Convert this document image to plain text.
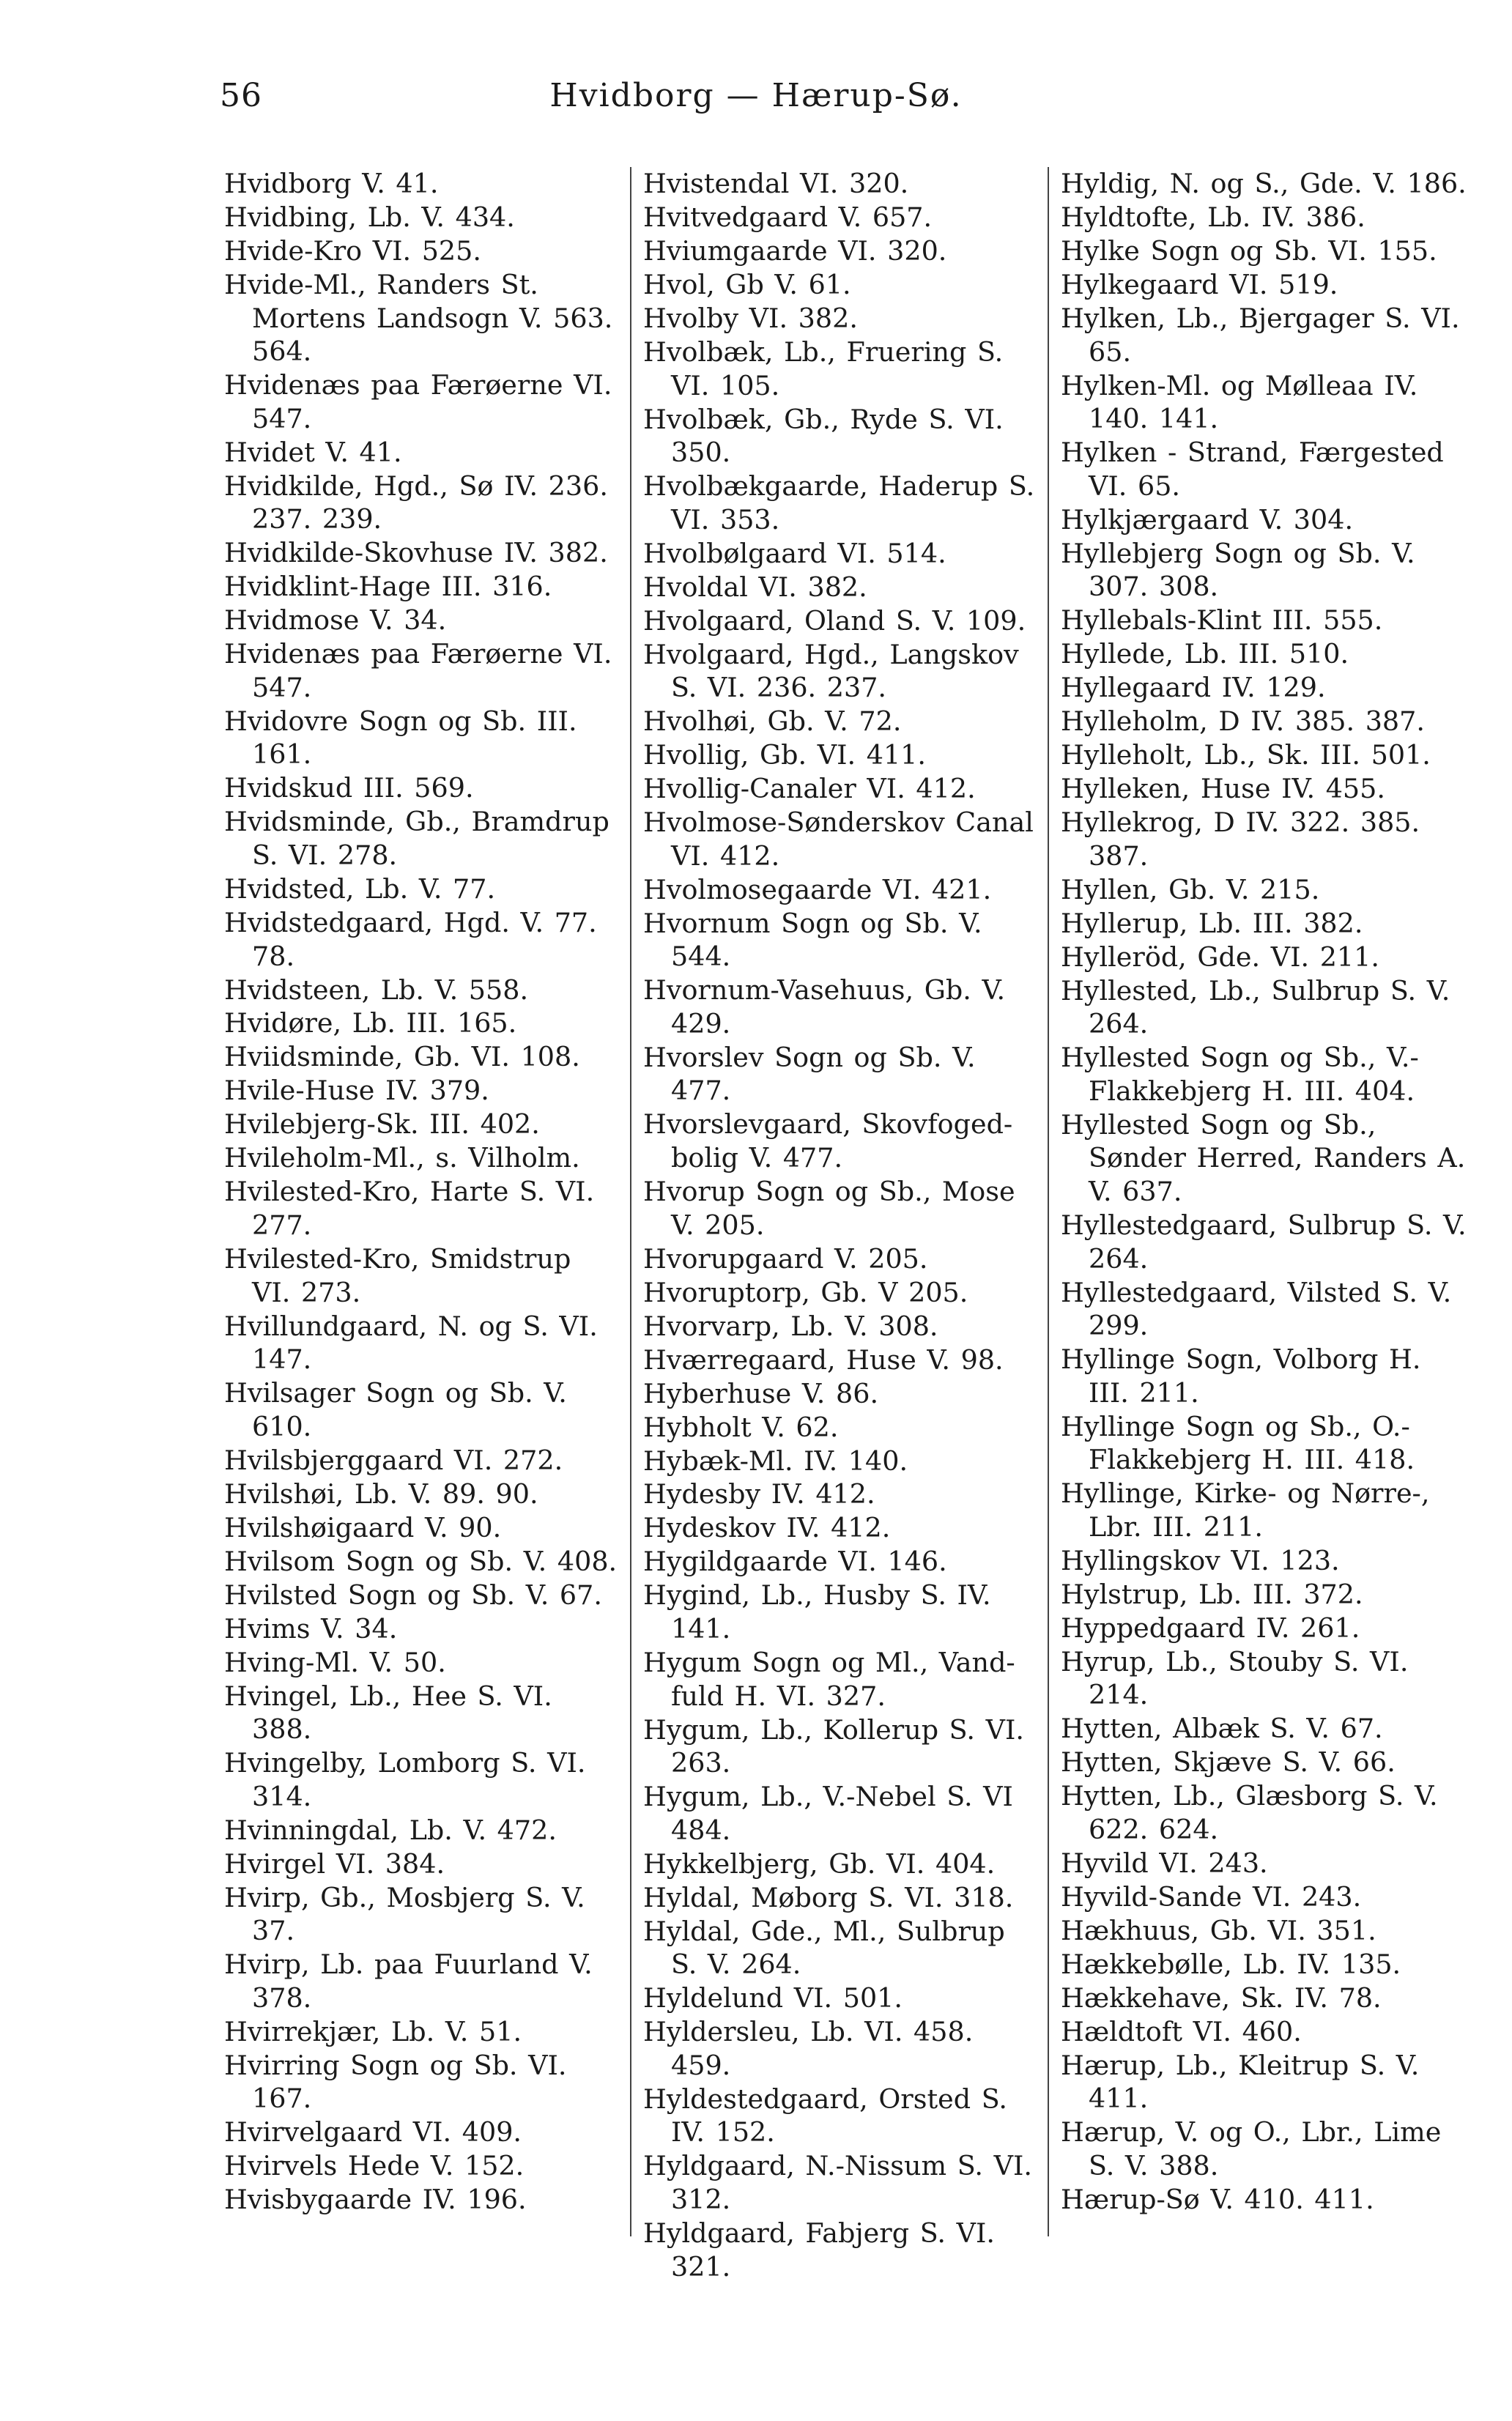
56	Hvidborg — Hærup-Sø.
Hvidborg V. 41.
Hvidbing, Lb. V. 434.
Hvide-Kro VI. 525.
Hvide-Ml., Randers St. Mortens Landsogn V. 563. 564.
Hvidenæs paa Færøerne VI. 547.
Hvidet V. 41.
Hvidkilde, Hgd., Sø IV. 236. 237. 239.
Hvidkilde-Skovhuse IV. 382.
Hvidklint-Hage III. 316.
Hvidmose V. 34.
Hvidenæs paa Færøerne VI. 547.
Hvidovre Sogn og Sb. III. 161.
Hvidskud III. 569.
Hvidsminde, Gb., Bramdrup S. VI. 278.
Hvidsted, Lb. V. 77.
Hvidstedgaard, Hgd. V. 77. 78.
Hvidsteen, Lb. V. 558.
Hvidøre, Lb. III. 165.
Hviidsminde, Gb. VI. 108.
Hvile-Huse IV. 379.
Hvilebjerg-Sk. III. 402.
Hvileholm-Ml., s. Vilholm.
Hvilested-Kro, Harte S. VI. 277.
Hvilested-Kro, Smidstrup VI. 273.
Hvillundgaard, N. og S. VI. 147.
Hvilsager Sogn og Sb. V. 610.
Hvilsbjerggaard VI. 272.
Hvilshøi, Lb. V. 89. 90.
Hvilshøigaard V. 90.
Hvilsom Sogn og Sb. V. 408.
Hvilsted Sogn og Sb. V. 67.
Hvims V. 34.
Hving-Ml. V. 50.
Hvingel, Lb., Hee S. VI. 388.
Hvingelby, Lomborg S. VI. 314.
Hvinningdal, Lb. V. 472.
Hvirgel VI. 384.
Hvirp, Gb., Mosbjerg S. V. 37.
Hvirp, Lb. paa Fuurland V. 378.
Hvirrekjær, Lb. V. 51.
Hvirring Sogn og Sb. VI. 167.
Hvirvelgaard VI. 409.
Hvirvels Hede V. 152.
Hvisbygaarde IV. 196.
Hvistendal VI. 320.
Hvitvedgaard V. 657.
Hviumgaarde VI. 320.
Hvol, Gb V. 61.
Hvolby VI. 382.
Hvolbæk, Lb., Fruering S. VI. 105.
Hvolbæk, Gb., Ryde S. VI. 350.
Hvolbækgaarde, Haderup S. VI. 353.
Hvolbølgaard VI. 514.
Hvoldal VI. 382.
Hvolgaard, Oland S. V. 109.
Hvolgaard, Hgd., Langskov S. VI. 236. 237.
Hvolhøi, Gb. V. 72.
Hvollig, Gb. VI. 411.
Hvollig-Canaler VI. 412.
Hvolmose-Sønderskov Canal VI. 412.
Hvolmosegaarde VI. 421.
Hvornum Sogn og Sb. V. 544.
Hvornum-Vasehuus, Gb. V. 429.
Hvorslev Sogn og Sb. V. 477.
Hvorslevgaard, Skovfoged-bolig V. 477.
Hvorup Sogn og Sb., Mose V. 205.
Hvorupgaard V. 205.
Hvoruptorp, Gb. V 205.
Hvorvarp, Lb. V. 308.
Hværregaard, Huse V. 98.
Hyberhuse V. 86.
Hybholt V. 62.
Hybæk-Ml. IV. 140.
Hydesby IV. 412.
Hydeskov IV. 412.
Hygildgaarde VI. 146.
Hygind, Lb., Husby S. IV. 141.
Hygum Sogn og Ml., Vand-fuld H. VI. 327.
Hygum, Lb., Kollerup S. VI. 263.
Hygum, Lb., V.-Nebel S. VI 484.
Hykkelbjerg, Gb. VI. 404.
Hyldal, Møborg S. VI. 318.
Hyldal, Gde., Ml., Sulbrup S. V. 264.
Hyldelund VI. 501.
Hyldersleu, Lb. VI. 458. 459.
Hyldestedgaard, Orsted S. IV. 152.
Hyldgaard, N.-Nissum S. VI. 312.
Hyldgaard, Fabjerg S. VI. 321.
Hyldig, N. og S., Gde. V. 186.
Hyldtofte, Lb. IV. 386.
Hylke Sogn og Sb. VI. 155.
Hylkegaard VI. 519.
Hylken, Lb., Bjergager S. VI. 65.
Hylken-Ml. og Mølleaa IV. 140. 141.
Hylken - Strand, Færgested VI. 65.
Hylkjærgaard V. 304.
Hyllebjerg Sogn og Sb. V. 307. 308.
Hyllebals-Klint III. 555.
Hyllede, Lb. III. 510.
Hyllegaard IV. 129.
Hylleholm, D IV. 385. 387.
Hylleholt, Lb., Sk. III. 501.
Hylleken, Huse IV. 455.
Hyllekrog, D IV. 322. 385. 387.
Hyllen, Gb. V. 215.
Hyllerup, Lb. III. 382.
Hylleröd, Gde. VI. 211.
Hyllested, Lb., Sulbrup S. V. 264.
Hyllested Sogn og Sb., V.-Flakkebjerg H. III. 404.
Hyllested Sogn og Sb., Sønder Herred, Randers A. V. 637.
Hyllestedgaard, Sulbrup S. V. 264.
Hyllestedgaard, Vilsted S. V. 299.
Hyllinge Sogn, Volborg H. III. 211.
Hyllinge Sogn og Sb., O.-Flakkebjerg H. III. 418.
Hyllinge, Kirke- og Nørre-, Lbr. III. 211.
Hyllingskov VI. 123.
Hylstrup, Lb. III. 372.
Hyppedgaard IV. 261.
Hyrup, Lb., Stouby S. VI. 214.
Hytten, Albæk S. V. 67.
Hytten, Skjæve S. V. 66.
Hytten, Lb., Glæsborg S. V. 622. 624.
Hyvild VI. 243.
Hyvild-Sande VI. 243.
Hækhuus, Gb. VI. 351.
Hækkebølle, Lb. IV. 135.
Hækkehave, Sk. IV. 78.
Hældtoft VI. 460.
Hærup, Lb., Kleitrup S. V. 411.
Hærup, V. og O., Lbr., Lime S. V. 388.
Hærup-Sø V. 410. 411.
